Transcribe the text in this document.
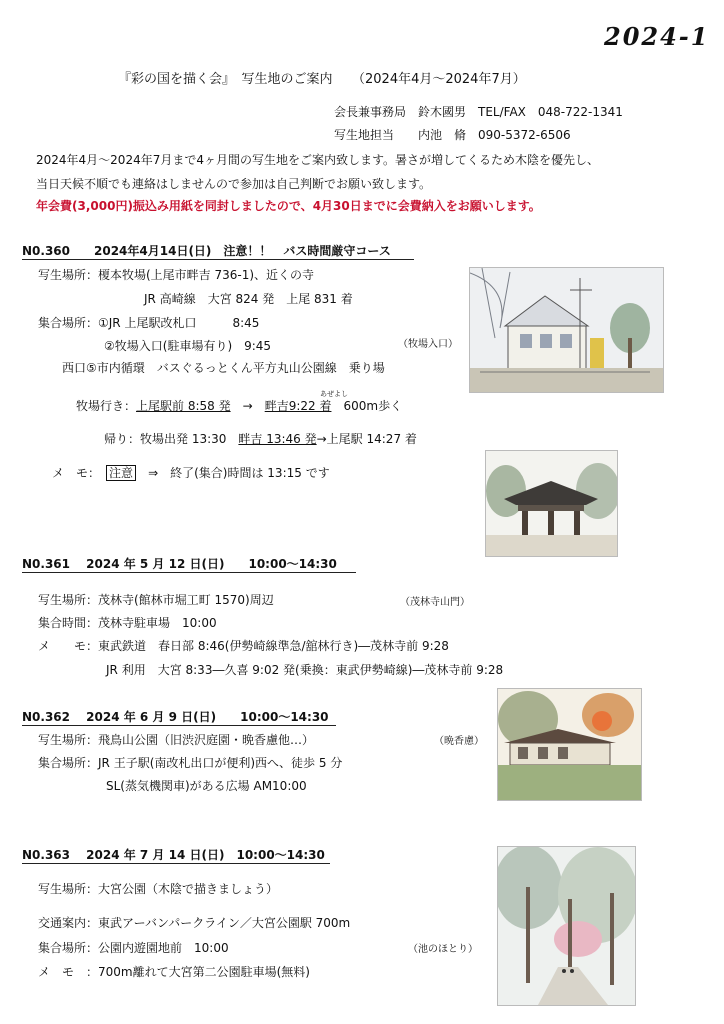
2024-1
『彩の国を描く会』　写生地のご案内　　（2024年4月～2024年7月）
会長兼事務局　鈴木國男　TEL/FAX　048-722-1341
写生地担当　　内池　脩　090-5372-6506
2024年4月～2024年7月まで4ヶ月間の写生地をご案内致します。暑さが増してくるため木陰を優先し、
当日天候不順でも連絡はしませんので参加は自己判断でお願い致します。
年会費(3,000円)振込み用紙を同封しましたので、4月30日までに会費納入をお願いします。
N0.360　　2024年4月14日(日)　注意！！　バス時間厳守コース
写生場所：榎本牧場(上尾市畔吉 736-1)、近くの寺
JR 高崎線　大宮 824 発　上尾 831 着
集合場所：①JR 上尾駅改札口　　　8:45
②牧場入口(駐車場有り)　9:45
西口⑤市内循環　バスぐるっとくん平方丸山公園線　乗り場
あぜよし
牧場行き：上尾駅前 8:58 発　 →　 畔吉9:22 着　 600m歩く
帰り：牧場出発 13:30　畔吉 13:46 発→上尾駅 14:27 着
メ　モ：　 注意　 ⇒　終了(集合)時間は 13:15 です
（牧場入口）
N0.361　 2024 年 5 月 12 日(日)　　10:00～14:30
写生場所：茂林寺(館林市堀工町 1570)周辺	（茂林寺山門）
集合時間：茂林寺駐車場　10:00
メ　　モ：東武鉄道　春日部 8:46(伊勢崎線準急/舘林行き)―茂林寺前 9:28
JR 利用　大宮 8:33―久喜 9:02 発(乗換：東武伊勢崎線)―茂林寺前 9:28
N0.362　 2024 年 6 月 9 日(日)　　10:00～14:30
写生場所：飛鳥山公園（旧渋沢庭園・晩香慮他…）	（晩香慮）
集合場所：JR 王子駅(南改札出口が便利)西へ、徒歩 5 分
SL(蒸気機関車)がある広場 AM10:00
N0.363　 2024 年 7 月 14 日(日)　10:00～14:30
写生場所：大宮公園（木陰で描きましょう）
交通案内：東武アーバンパークライン／大宮公園駅 700m
集合場所：公園内遊園地前　10:00	（池のほとり）
メ　モ　：700m離れて大宮第二公園駐車場(無料)
